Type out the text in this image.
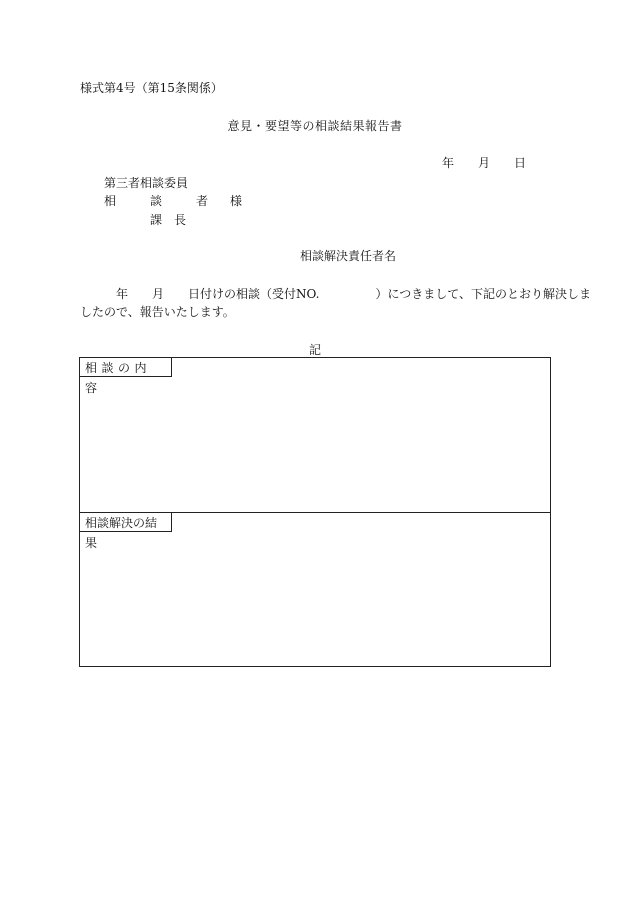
様式第4号（第15条関係）
意見・要望等の相談結果報告書
年 月 日
第三者相談委員
相	談	者 様
課 長
相談解決責任者名
年 月 日付けの相談（受付NO.	）につきまして、下記のとおり解決しま
したので、報告いたします。
記
相談の内容
相談解決の結果
